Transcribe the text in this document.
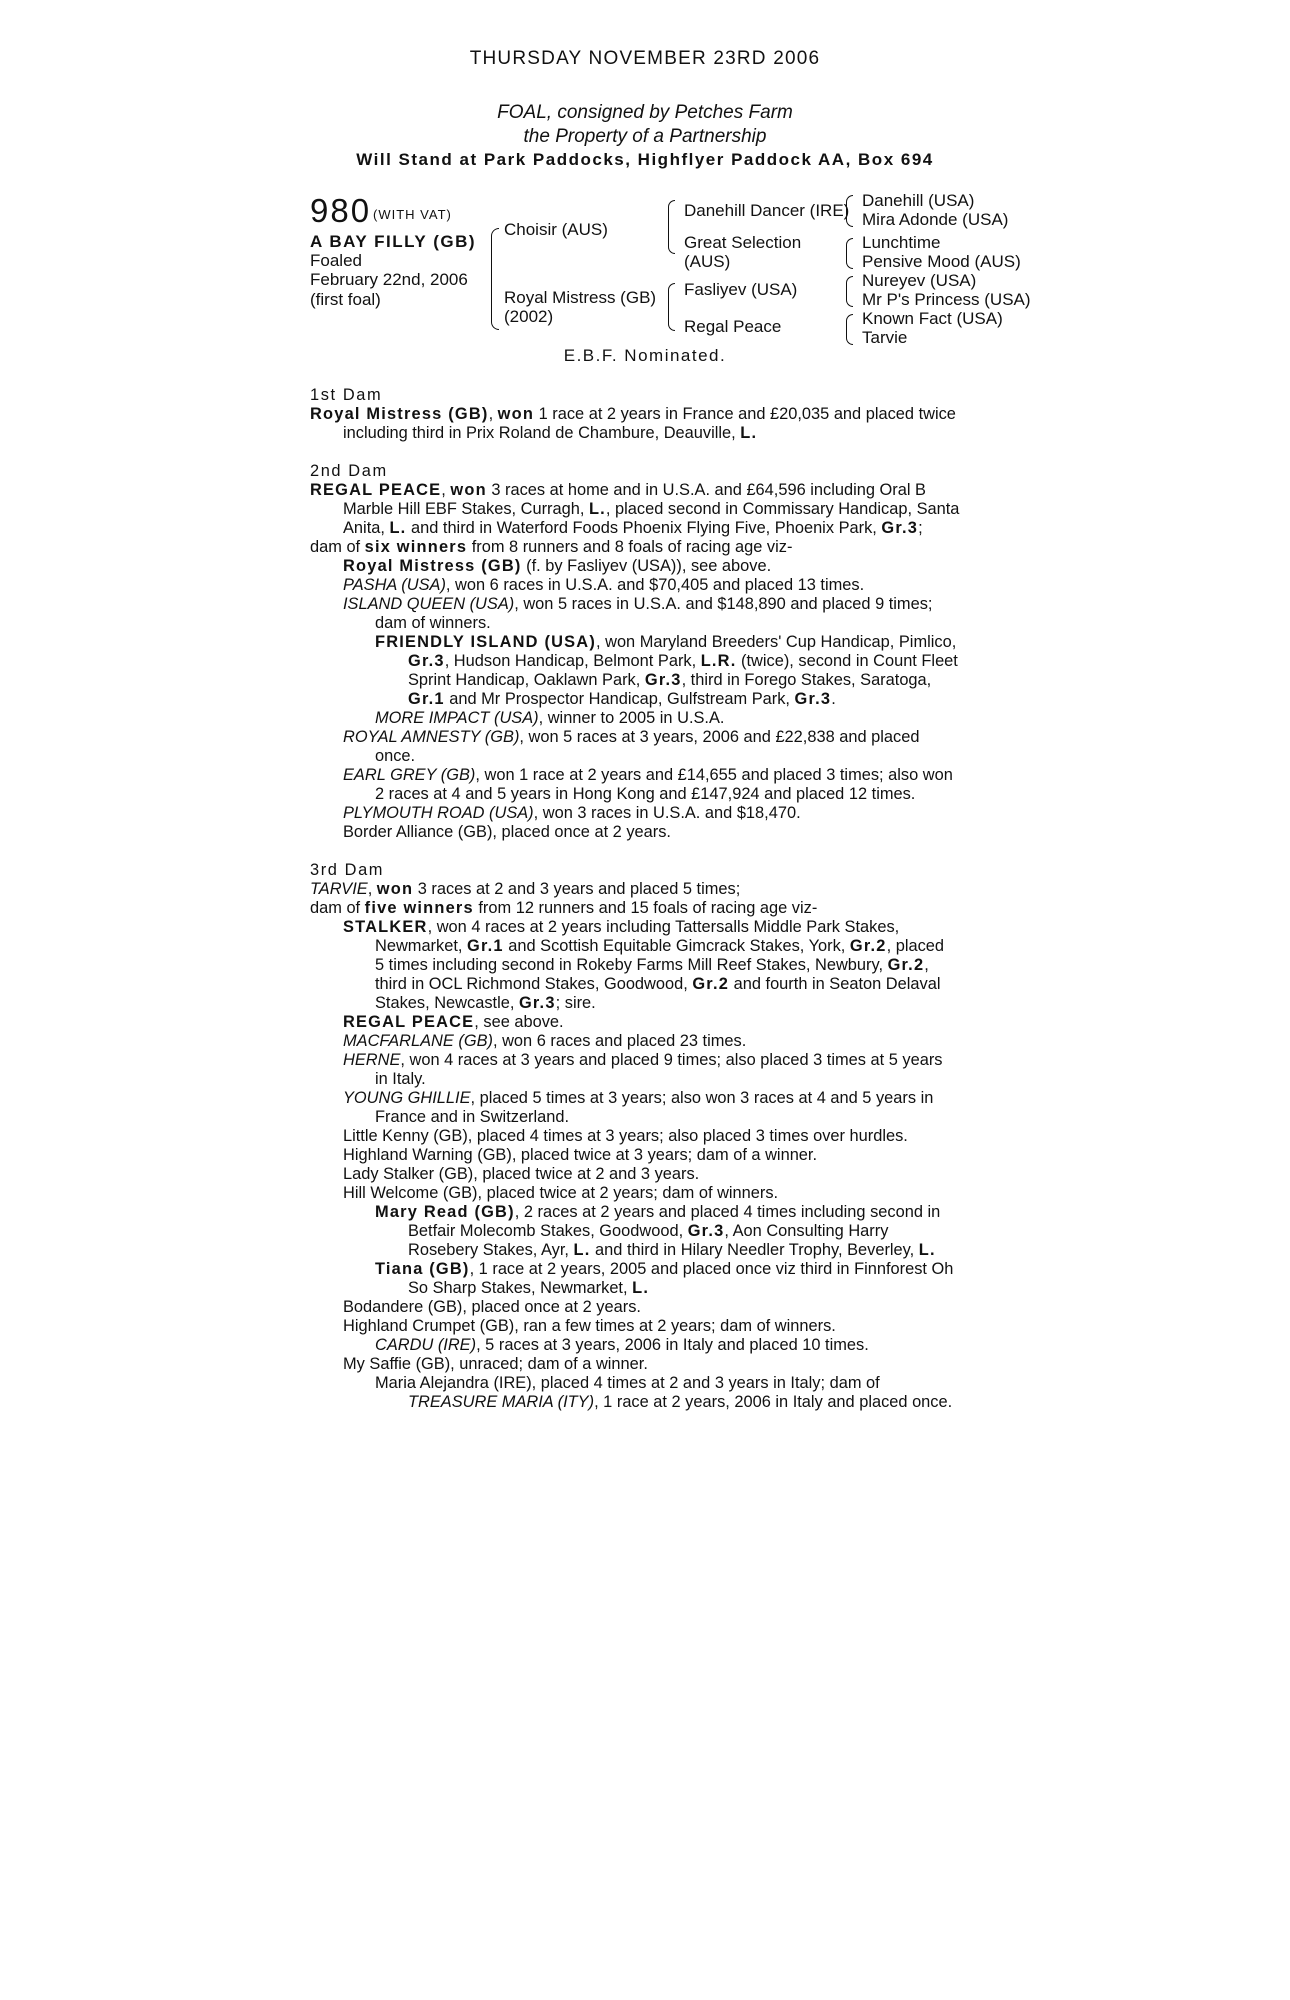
THURSDAY NOVEMBER 23RD 2006
FOAL, consigned by Petches Farm
the Property of a Partnership
Will Stand at Park Paddocks, Highflyer Paddock AA, Box 694
980 (WITH VAT)
A BAY FILLY (GB)
Foaled
February 22nd, 2006
(first foal)
Choisir (AUS)
Royal Mistress (GB)
(2002)
Danehill Dancer (IRE)
Great Selection
(AUS)
Fasliyev (USA)
Regal Peace
Danehill (USA)
Mira Adonde (USA)
Lunchtime
Pensive Mood (AUS)
Nureyev (USA)
Mr P's Princess (USA)
Known Fact (USA)
Tarvie
E.B.F. Nominated.
1st Dam
Royal Mistress (GB), won 1 race at 2 years in France and £20,035 and placed twice
including third in Prix Roland de Chambure, Deauville, L.
2nd Dam
REGAL PEACE, won 3 races at home and in U.S.A. and £64,596 including Oral B
Marble Hill EBF Stakes, Curragh, L., placed second in Commissary Handicap, Santa
Anita, L. and third in Waterford Foods Phoenix Flying Five, Phoenix Park, Gr.3;
dam of six winners from 8 runners and 8 foals of racing age viz-
Royal Mistress (GB) (f. by Fasliyev (USA)), see above.
PASHA (USA), won 6 races in U.S.A. and $70,405 and placed 13 times.
ISLAND QUEEN (USA), won 5 races in U.S.A. and $148,890 and placed 9 times;
dam of winners.
FRIENDLY ISLAND (USA), won Maryland Breeders' Cup Handicap, Pimlico,
Gr.3, Hudson Handicap, Belmont Park, L.R. (twice), second in Count Fleet
Sprint Handicap, Oaklawn Park, Gr.3, third in Forego Stakes, Saratoga,
Gr.1 and Mr Prospector Handicap, Gulfstream Park, Gr.3.
MORE IMPACT (USA), winner to 2005 in U.S.A.
ROYAL AMNESTY (GB), won 5 races at 3 years, 2006 and £22,838 and placed
once.
EARL GREY (GB), won 1 race at 2 years and £14,655 and placed 3 times; also won
2 races at 4 and 5 years in Hong Kong and £147,924 and placed 12 times.
PLYMOUTH ROAD (USA), won 3 races in U.S.A. and $18,470.
Border Alliance (GB), placed once at 2 years.
3rd Dam
TARVIE, won 3 races at 2 and 3 years and placed 5 times;
dam of five winners from 12 runners and 15 foals of racing age viz-
STALKER, won 4 races at 2 years including Tattersalls Middle Park Stakes,
Newmarket, Gr.1 and Scottish Equitable Gimcrack Stakes, York, Gr.2, placed
5 times including second in Rokeby Farms Mill Reef Stakes, Newbury, Gr.2,
third in OCL Richmond Stakes, Goodwood, Gr.2 and fourth in Seaton Delaval
Stakes, Newcastle, Gr.3; sire.
REGAL PEACE, see above.
MACFARLANE (GB), won 6 races and placed 23 times.
HERNE, won 4 races at 3 years and placed 9 times; also placed 3 times at 5 years
in Italy.
YOUNG GHILLIE, placed 5 times at 3 years; also won 3 races at 4 and 5 years in
France and in Switzerland.
Little Kenny (GB), placed 4 times at 3 years; also placed 3 times over hurdles.
Highland Warning (GB), placed twice at 3 years; dam of a winner.
Lady Stalker (GB), placed twice at 2 and 3 years.
Hill Welcome (GB), placed twice at 2 years; dam of winners.
Mary Read (GB), 2 races at 2 years and placed 4 times including second in
Betfair Molecomb Stakes, Goodwood, Gr.3, Aon Consulting Harry
Rosebery Stakes, Ayr, L. and third in Hilary Needler Trophy, Beverley, L.
Tiana (GB), 1 race at 2 years, 2005 and placed once viz third in Finnforest Oh
So Sharp Stakes, Newmarket, L.
Bodandere (GB), placed once at 2 years.
Highland Crumpet (GB), ran a few times at 2 years; dam of winners.
CARDU (IRE), 5 races at 3 years, 2006 in Italy and placed 10 times.
My Saffie (GB), unraced; dam of a winner.
Maria Alejandra (IRE), placed 4 times at 2 and 3 years in Italy; dam of
TREASURE MARIA (ITY), 1 race at 2 years, 2006 in Italy and placed once.
